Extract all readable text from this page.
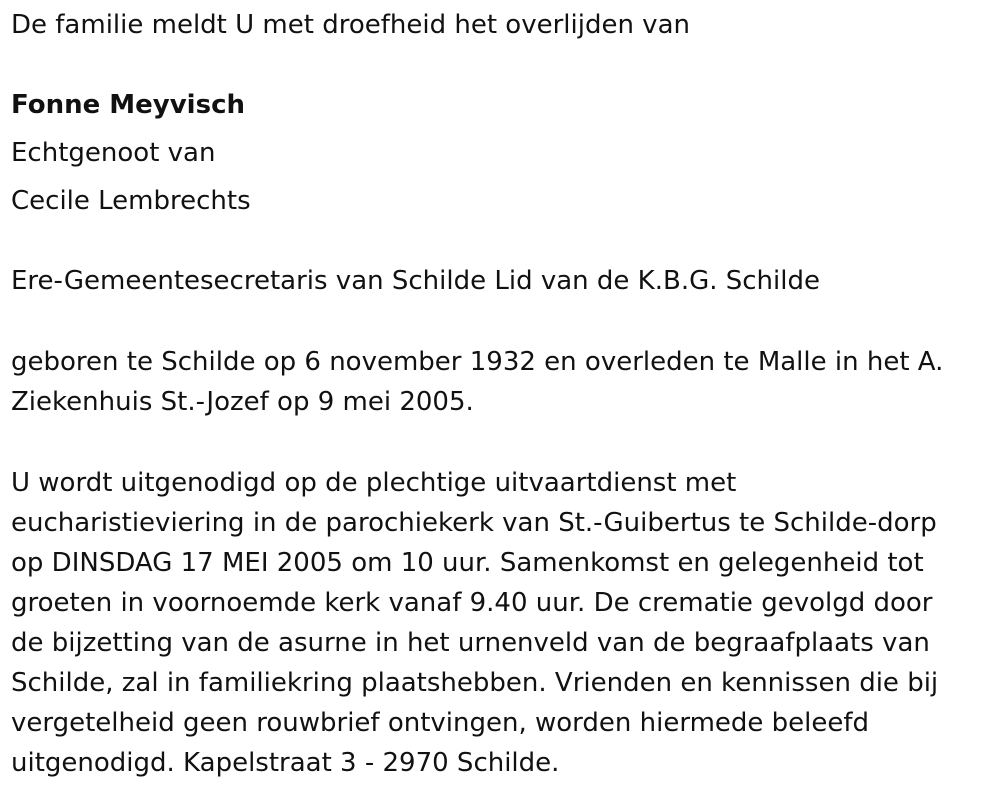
De familie meldt U met droefheid het overlijden van

Fonne Meyvisch

Echtgenoot van

Cecile Lembrechts

Ere-Gemeentesecretaris van Schilde Lid van de K.B.G. Schilde

geboren te Schilde op 6 november 1932 en overleden te Malle in het A.

Ziekenhuis St.-Jozef op 9 mei 2005.

U wordt uitgenodigd op de plechtige uitvaartdienst met

eucharistieviering in de parochiekerk van St.-Guibertus te Schilde-dorp

op DINSDAG 17 MEI 2005 om 10 uur. Samenkomst en gelegenheid tot

groeten in voornoemde kerk vanaf 9.40 uur. De crematie gevolgd door

de bijzetting van de asurne in het urnenveld van de begraafplaats van

Schilde, zal in familiekring plaatshebben. Vrienden en kennissen die bij

vergetelheid geen rouwbrief ontvingen, worden hiermede beleefd

uitgenodigd. Kapelstraat 3 - 2970 Schilde.
